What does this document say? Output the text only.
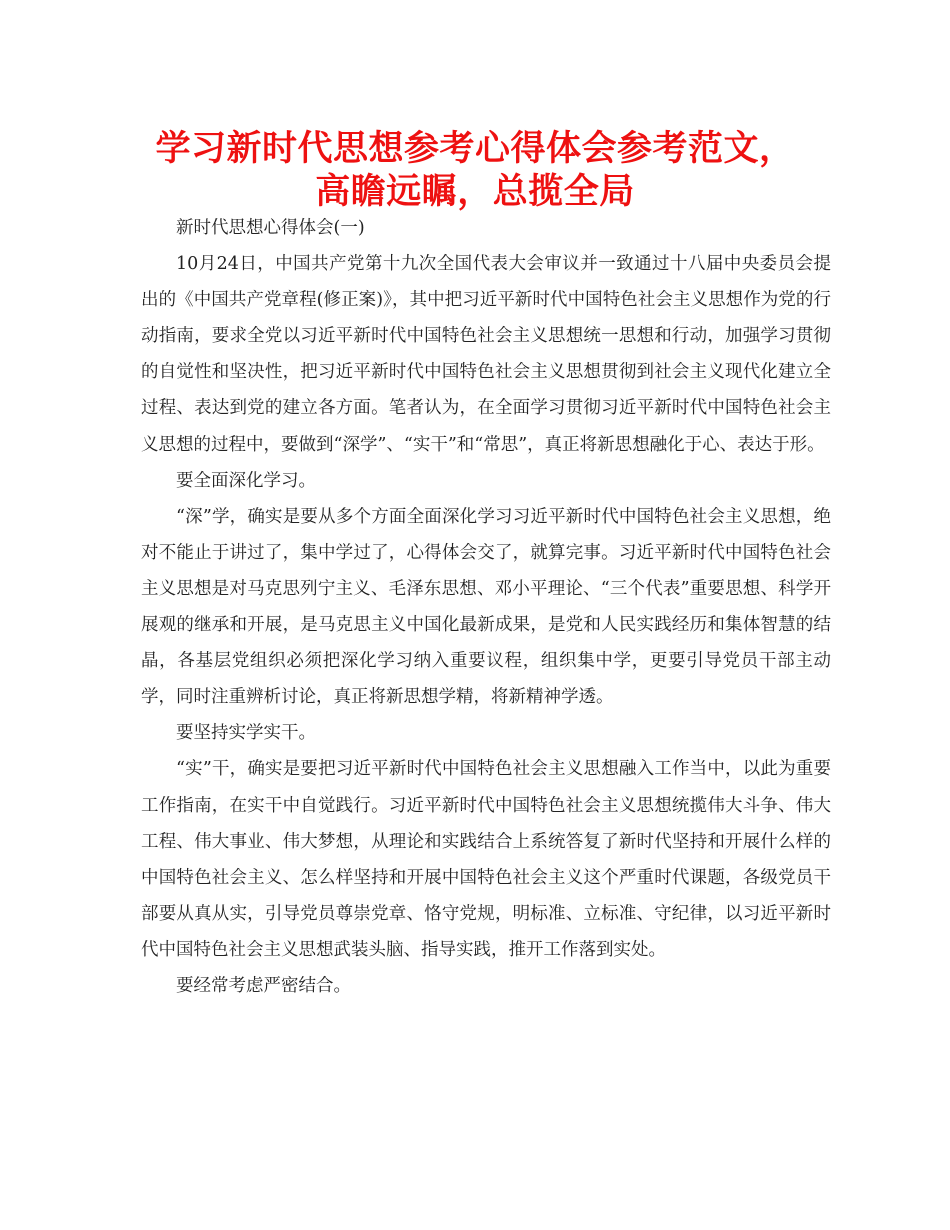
学习新时代思想参考心得体会参考范文，
高瞻远瞩，总揽全局

新时代思想心得体会(一)

10月24日，中国共产党第十九次全国代表大会审议并一致通过十八届中央委员会提出的《中国共产党章程(修正案)》，其中把习近平新时代中国特色社会主义思想作为党的行动指南，要求全党以习近平新时代中国特色社会主义思想统一思想和行动，加强学习贯彻的自觉性和坚决性，把习近平新时代中国特色社会主义思想贯彻到社会主义现代化建立全过程、表达到党的建立各方面。笔者认为，在全面学习贯彻习近平新时代中国特色社会主义思想的过程中，要做到“深学”、“实干”和“常思”，真正将新思想融化于心、表达于形。

要全面深化学习。

“深”学，确实是要从多个方面全面深化学习习近平新时代中国特色社会主义思想，绝对不能止于讲过了，集中学过了，心得体会交了，就算完事。习近平新时代中国特色社会主义思想是对马克思列宁主义、毛泽东思想、邓小平理论、“三个代表”重要思想、科学开展观的继承和开展，是马克思主义中国化最新成果，是党和人民实践经历和集体智慧的结晶，各基层党组织必须把深化学习纳入重要议程，组织集中学，更要引导党员干部主动学，同时注重辨析讨论，真正将新思想学精，将新精神学透。

要坚持实学实干。

“实”干，确实是要把习近平新时代中国特色社会主义思想融入工作当中，以此为重要工作指南，在实干中自觉践行。习近平新时代中国特色社会主义思想统揽伟大斗争、伟大工程、伟大事业、伟大梦想，从理论和实践结合上系统答复了新时代坚持和开展什么样的中国特色社会主义、怎么样坚持和开展中国特色社会主义这个严重时代课题，各级党员干部要从真从实，引导党员尊崇党章、恪守党规，明标准、立标准、守纪律，以习近平新时代中国特色社会主义思想武装头脑、指导实践，推开工作落到实处。

要经常考虑严密结合。
